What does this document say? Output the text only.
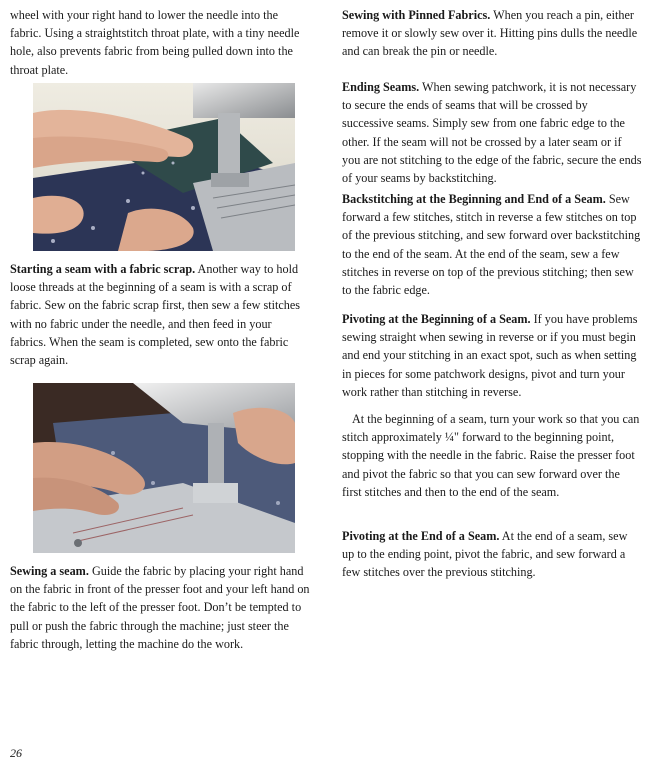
wheel with your right hand to lower the needle into the fabric. Using a straightstitch throat plate, with a tiny needle hole, also prevents fabric from being pulled down into the throat plate.

Starting a seam with a fabric scrap. Another way to hold loose threads at the beginning of a seam is with a scrap of fabric. Sew on the fabric scrap first, then sew a few stitches with no fabric under the needle, and then feed in your fabrics. When the seam is completed, sew onto the fabric scrap again.

Sewing a seam. Guide the fabric by placing your right hand on the fabric in front of the presser foot and your left hand on the fabric to the left of the presser foot. Don’t be tempted to pull or push the fabric through the machine; just steer the fabric through, letting the machine do the work.

Sewing with Pinned Fabrics. When you reach a pin, either remove it or slowly sew over it. Hitting pins dulls the needle and can break the pin or needle.

Ending Seams. When sewing patchwork, it is not necessary to secure the ends of seams that will be crossed by successive seams. Simply sew from one fabric edge to the other. If the seam will not be crossed by a later seam or if you are not stitching to the edge of the fabric, secure the ends of your seams by backstitching.

Backstitching at the Beginning and End of a Seam. Sew forward a few stitches, stitch in reverse a few stitches on top of the previous stitching, and sew forward over backstitching to the end of the seam. At the end of the seam, sew a few stitches in reverse on top of the previous stitching; then sew to the fabric edge.

Pivoting at the Beginning of a Seam. If you have problems sewing straight when sewing in reverse or if you must begin and end your stitching in an exact spot, such as when setting in pieces for some patchwork designs, pivot and turn your work rather than stitching in reverse.

At the beginning of a seam, turn your work so that you can stitch approximately ¼" forward to the beginning point, stopping with the needle in the fabric. Raise the presser foot and pivot the fabric so that you can sew forward over the first stitches and then to the end of the seam.

Pivoting at the End of a Seam. At the end of a seam, sew up to the ending point, pivot the fabric, and sew forward a few stitches over the previous stitching.

26
